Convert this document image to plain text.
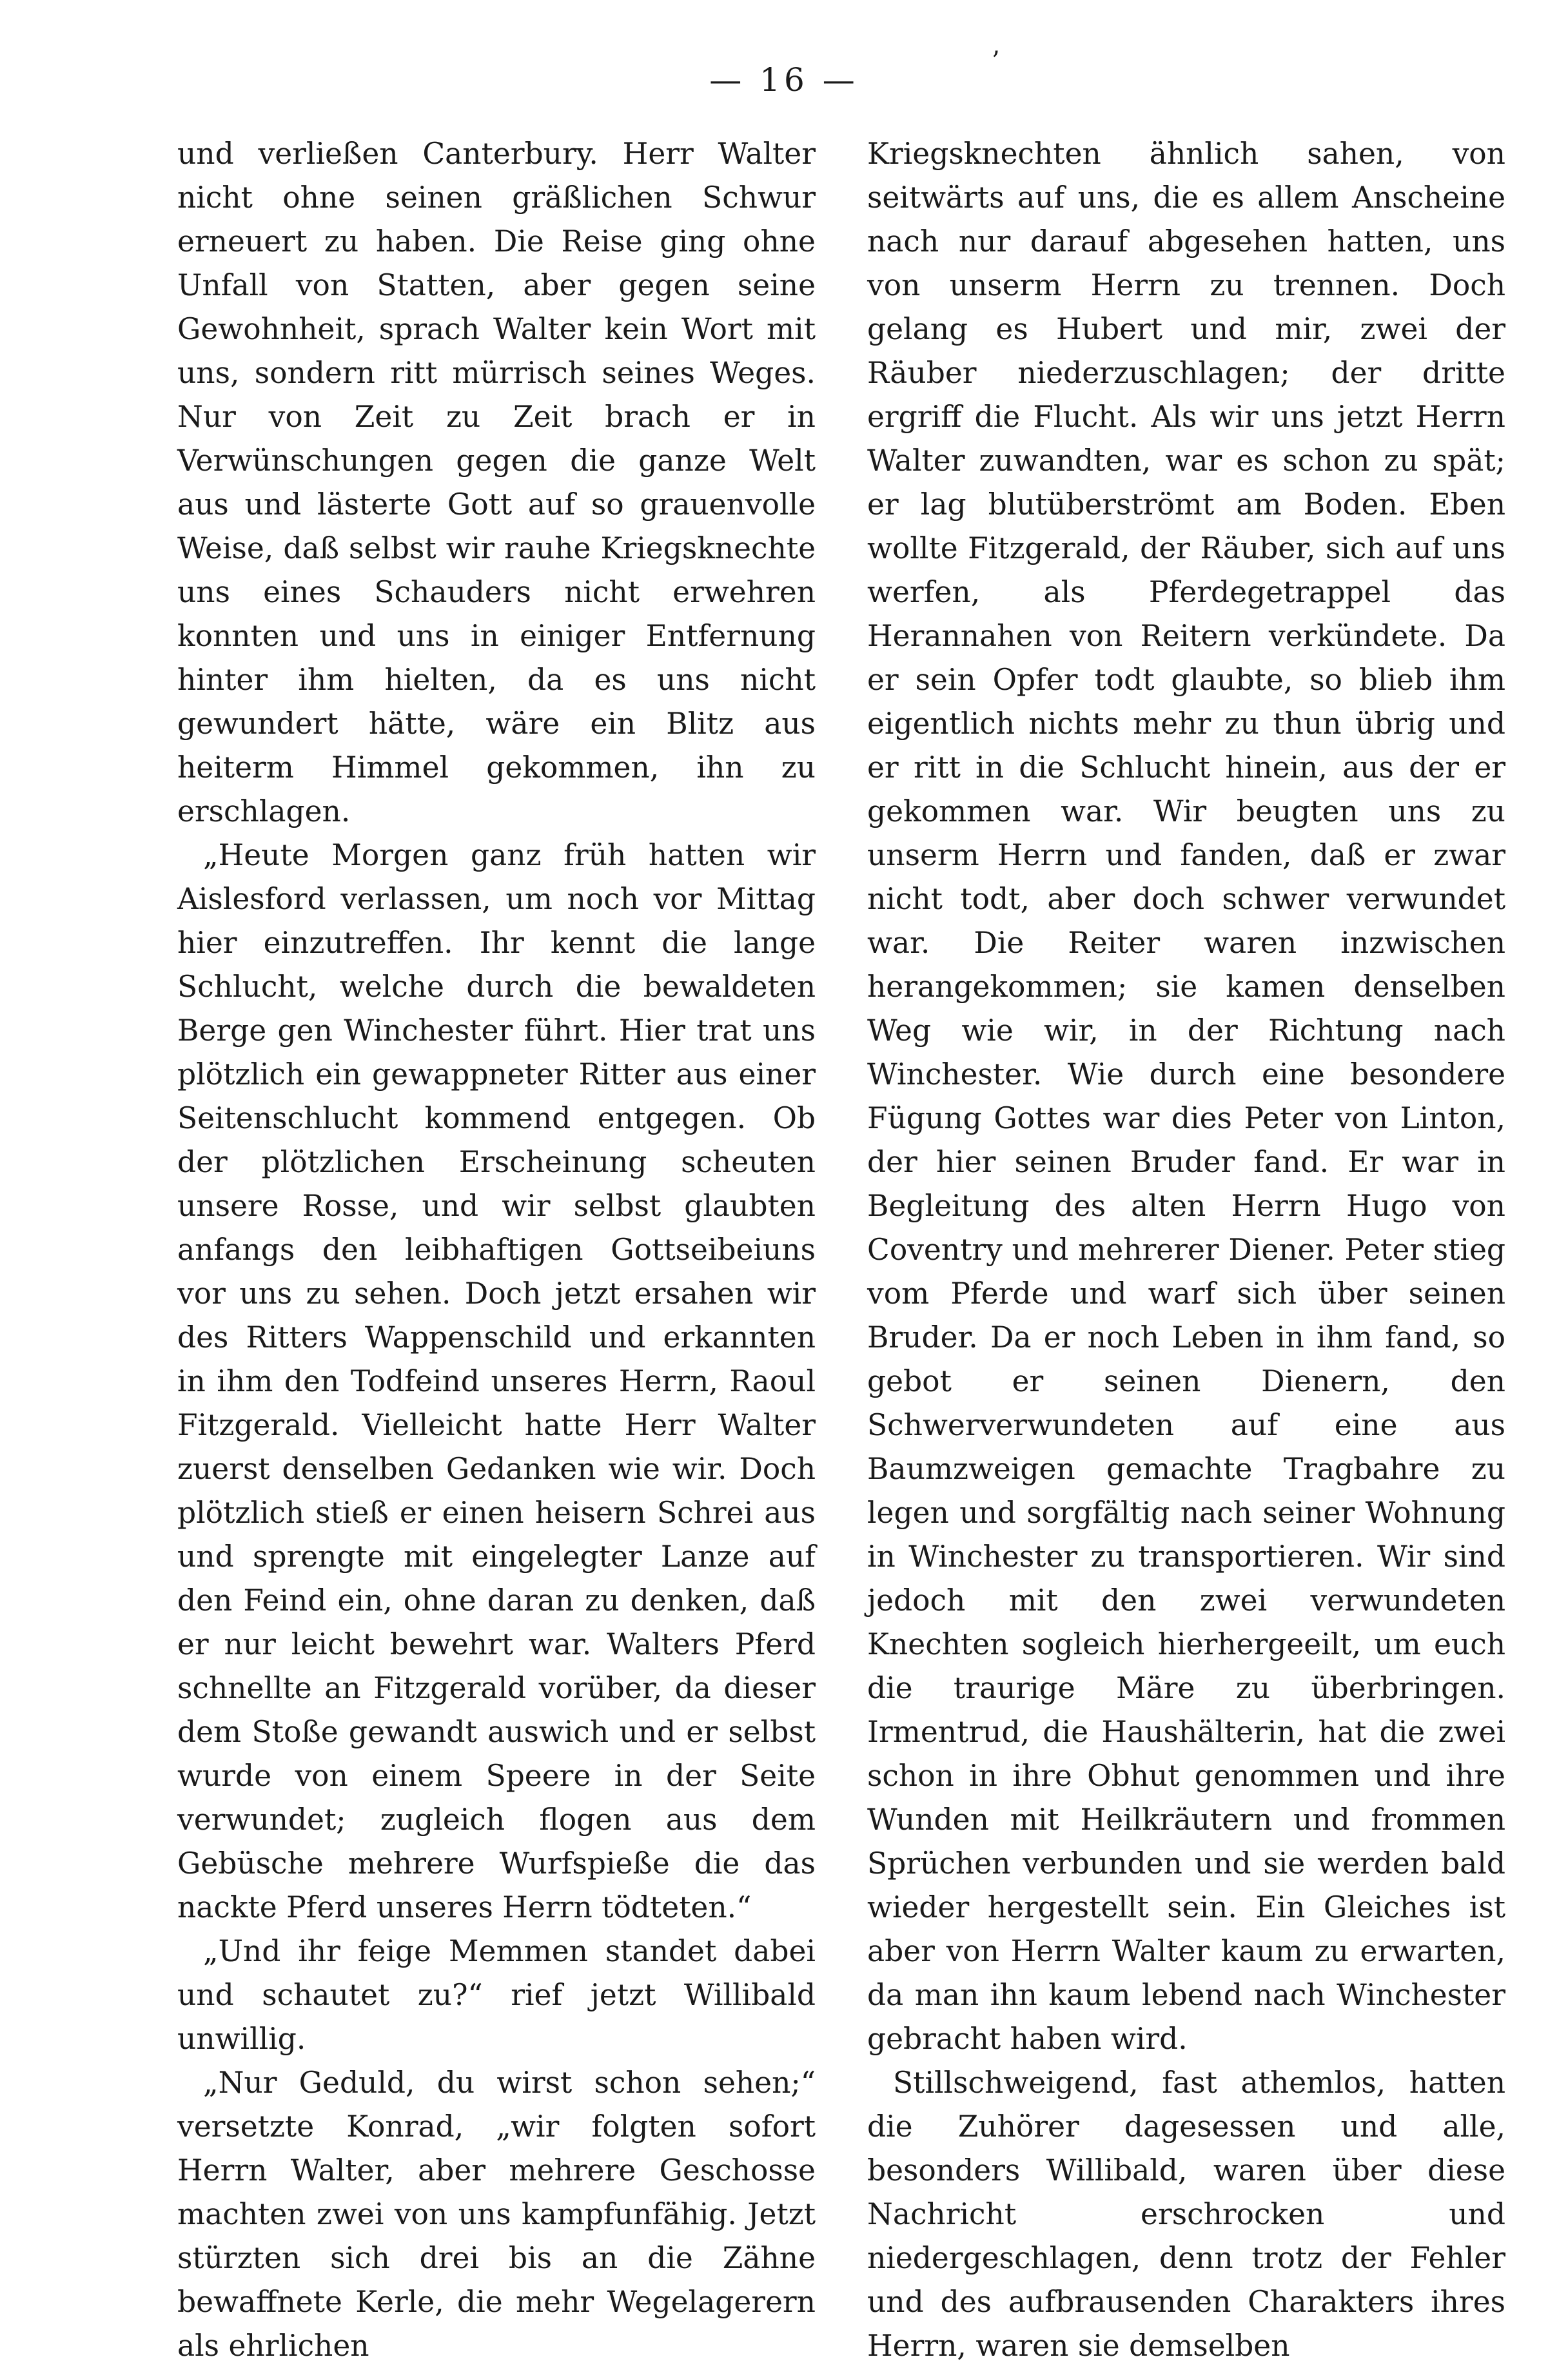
— 16 —	’

und verließen Canterbury. Herr Walter nicht ohne seinen gräßlichen Schwur erneuert zu haben. Die Reise ging ohne Unfall von Statten, aber gegen seine Gewohnheit, sprach Walter kein Wort mit uns, sondern ritt mürrisch seines Weges. Nur von Zeit zu Zeit brach er in Verwünschungen gegen die ganze Welt aus und lästerte Gott auf so grauenvolle Weise, daß selbst wir rauhe Kriegsknechte uns eines Schauders nicht erwehren konnten und uns in einiger Entfernung hinter ihm hielten, da es uns nicht gewundert hätte, wäre ein Blitz aus heiterm Himmel gekommen, ihn zu erschlagen.

„Heute Morgen ganz früh hatten wir Aislesford verlassen, um noch vor Mittag hier einzutreffen. Ihr kennt die lange Schlucht, welche durch die bewaldeten Berge gen Winchester führt. Hier trat uns plötzlich ein gewappneter Ritter aus einer Seitenschlucht kommend entgegen. Ob der plötzlichen Erscheinung scheuten unsere Rosse, und wir selbst glaubten anfangs den leibhaftigen Gottseibeiuns vor uns zu sehen. Doch jetzt ersahen wir des Ritters Wappenschild und erkannten in ihm den Todfeind unseres Herrn, Raoul Fitzgerald. Vielleicht hatte Herr Walter zuerst denselben Gedanken wie wir. Doch plötzlich stieß er einen heisern Schrei aus und sprengte mit eingelegter Lanze auf den Feind ein, ohne daran zu denken, daß er nur leicht bewehrt war. Walters Pferd schnellte an Fitzgerald vorüber, da dieser dem Stoße gewandt auswich und er selbst wurde von einem Speere in der Seite verwundet; zugleich flogen aus dem Gebüsche mehrere Wurfspieße die das nackte Pferd unseres Herrn tödteten.“

„Und ihr feige Memmen standet dabei und schautet zu?“ rief jetzt Willibald unwillig.

„Nur Geduld, du wirst schon sehen;“ versetzte Konrad, „wir folgten sofort Herrn Walter, aber mehrere Geschosse machten zwei von uns kampfunfähig. Jetzt stürzten sich drei bis an die Zähne bewaffnete Kerle, die mehr Wegelagerern als ehrlichen

Kriegsknechten ähnlich sahen, von seitwärts auf uns, die es allem Anscheine nach nur darauf abgesehen hatten, uns von unserm Herrn zu trennen. Doch gelang es Hubert und mir, zwei der Räuber niederzuschlagen; der dritte ergriff die Flucht. Als wir uns jetzt Herrn Walter zuwandten, war es schon zu spät; er lag blutüberströmt am Boden. Eben wollte Fitzgerald, der Räuber, sich auf uns werfen, als Pferdegetrappel das Herannahen von Reitern verkündete. Da er sein Opfer todt glaubte, so blieb ihm eigentlich nichts mehr zu thun übrig und er ritt in die Schlucht hinein, aus der er gekommen war. Wir beugten uns zu unserm Herrn und fanden, daß er zwar nicht todt, aber doch schwer verwundet war. Die Reiter waren inzwischen herangekommen; sie kamen denselben Weg wie wir, in der Richtung nach Winchester. Wie durch eine besondere Fügung Gottes war dies Peter von Linton, der hier seinen Bruder fand. Er war in Begleitung des alten Herrn Hugo von Coventry und mehrerer Diener. Peter stieg vom Pferde und warf sich über seinen Bruder. Da er noch Leben in ihm fand, so gebot er seinen Dienern, den Schwerverwundeten auf eine aus Baumzweigen gemachte Tragbahre zu legen und sorgfältig nach seiner Wohnung in Winchester zu transportieren. Wir sind jedoch mit den zwei verwundeten Knechten sogleich hierhergeeilt, um euch die traurige Märe zu überbringen. Irmentrud, die Haushälterin, hat die zwei schon in ihre Obhut genommen und ihre Wunden mit Heilkräutern und frommen Sprüchen verbunden und sie werden bald wieder hergestellt sein. Ein Gleiches ist aber von Herrn Walter kaum zu erwarten, da man ihn kaum lebend nach Winchester gebracht haben wird.

Stillschweigend, fast athemlos, hatten die Zuhörer dagesessen und alle, besonders Willibald, waren über diese Nachricht erschrocken und niedergeschlagen, denn trotz der Fehler und des aufbrausenden Charakters ihres Herrn, waren sie demselben
